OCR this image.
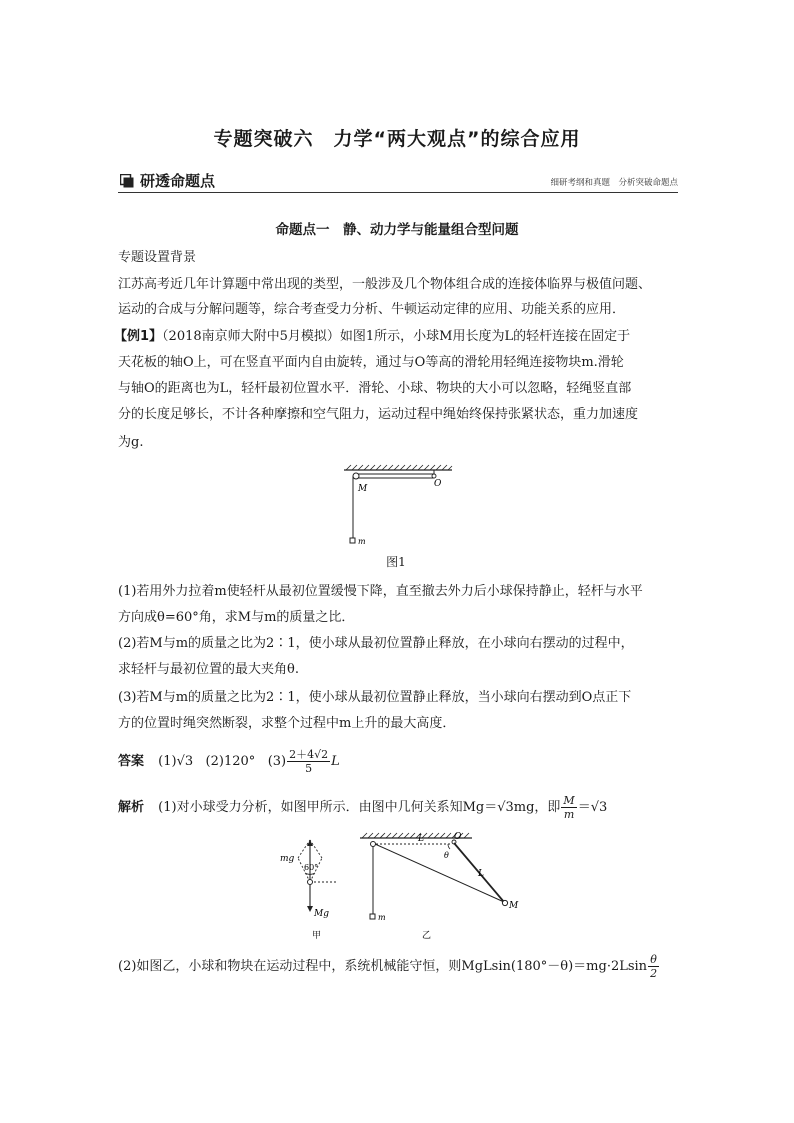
专题突破六　力学“两大观点”的综合应用
研透命题点	细研考纲和真题　分析突破命题点
命题点一　静、动力学与能量组合型问题
专题设置背景
江苏高考近几年计算题中常出现的类型，一般涉及几个物体组合成的连接体临界与极值问题、
运动的合成与分解问题等，综合考查受力分析、牛顿运动定律的应用、功能关系的应用．
【例1】（2018南京师大附中5月模拟）如图1所示，小球M用长度为L的轻杆连接在固定于
天花板的轴O上，可在竖直平面内自由旋转，通过与O等高的滑轮用轻绳连接物块m.滑轮
与轴O的距离也为L，轻杆最初位置水平．滑轮、小球、物块的大小可以忽略，轻绳竖直部
分的长度足够长，不计各种摩擦和空气阻力，运动过程中绳始终保持张紧状态，重力加速度
为g.
M	O
m
图1
(1)若用外力拉着m使轻杆从最初位置缓慢下降，直至撤去外力后小球保持静止，轻杆与水平
方向成θ=60°角，求M与m的质量之比．
(2)若M与m的质量之比为2∶1，使小球从最初位置静止释放，在小球向右摆动的过程中，
求轻杆与最初位置的最大夹角θ.
(3)若M与m的质量之比为2∶1，使小球从最初位置静止释放，当小球向右摆动到O点正下
方的位置时绳突然断裂，求整个过程中m上升的最大高度．
答案 (1)√3 (2)120° $(3) \frac{2+4√2}{5}$ L
解析 (1)对小球受力分析，如图甲所示．由图中几何关系知Mg＝√3mg，即 $\frac{M}{m} =√3$
mg
60°
Mg
L	O
θ
L
M
m
甲	乙
(2)如图乙，小球和物块在运动过程中，系统机械能守恒，则$MgLsin(180^\circ-\theta)=mg\cdot 2Lsin \frac{\theta}{2}$
